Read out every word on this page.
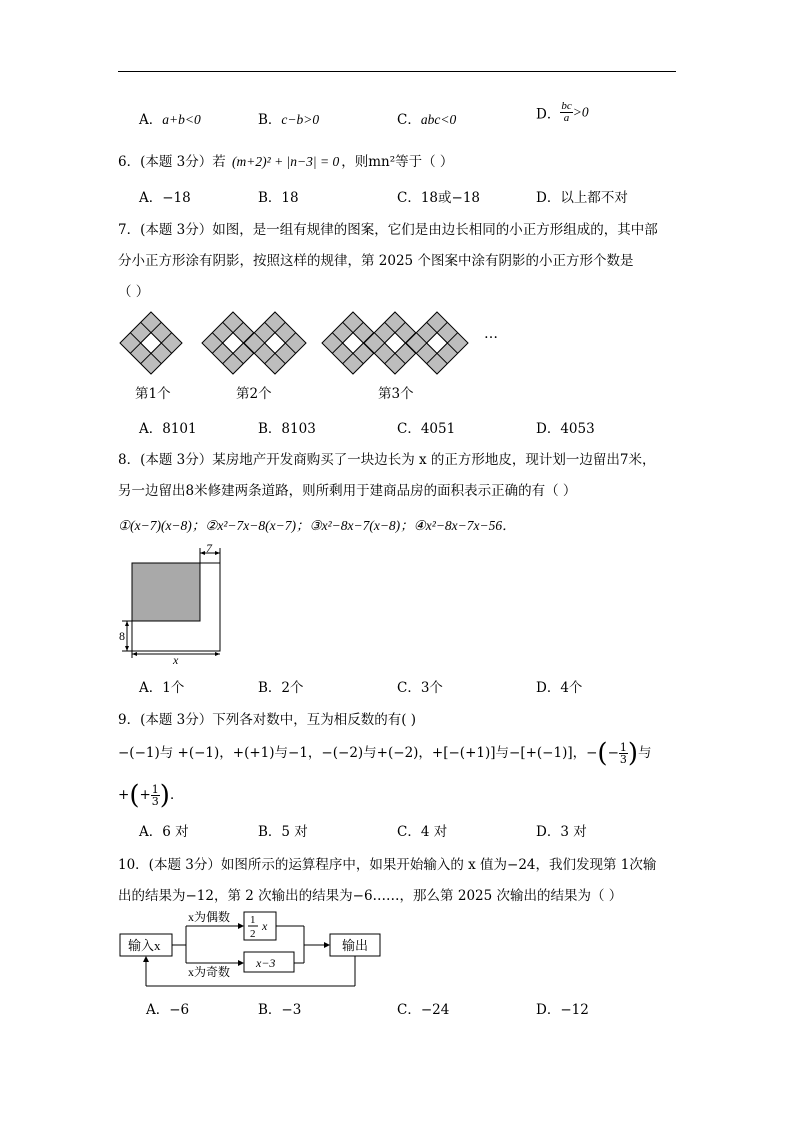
A．a+b<0	B．c−b>0	C．abc<0	D． $\frac{bc}{a} >0$
6．(本题 3分）若 (m+2)² + |n−3| = 0 ，则mn²等于（ ）
A．−18	B．18	C．18或−18	D．以上都不对
7．(本题 3分）如图，是一组有规律的图案，它们是由边长相同的小正方形组成的，其中部
分小正方形涂有阴影，按照这样的规律，第 2025 个图案中涂有阴影的小正方形个数是
（ ）
…
第1个	第2个	第3个
A．8101	B．8103	C．4051	D．4053
8．(本题 3分）某房地产开发商购买了一块边长为 x 的正方形地皮，现计划一边留出7米，
另一边留出8米修建两条道路，则所剩用于建商品房的面积表示正确的有（ ）
①(x−7)(x−8)；②x²−7x−8(x−7)；③x²−8x−7(x−8)；④x²−8x−7x−56．
7
8
x
A．1个	B．2个	C．3个	D．4个
9．(本题 3分）下列各对数中，互为相反数的有( )
−(−1)与 +(−1)，+(+1)与−1，−(−2)与+(−2)，+[−(+1)]与−[+(−1)]，−(− $\frac{1}{3}$ )与
+(+ $\frac{1}{3}$ )．
A．6 对	B．5 对	C．4 对	D．3 对
10．(本题 3分）如图所示的运算程序中，如果开始输入的 x 值为−24，我们发现第 1次输
出的结果为−12，第 2 次输出的结果为−6……，那么第 2025 次输出的结果为（ ）
输入x
1
2
x
x−3
输出
x为偶数
x为奇数
A．−6	B．−3	C．−24	D．−12
